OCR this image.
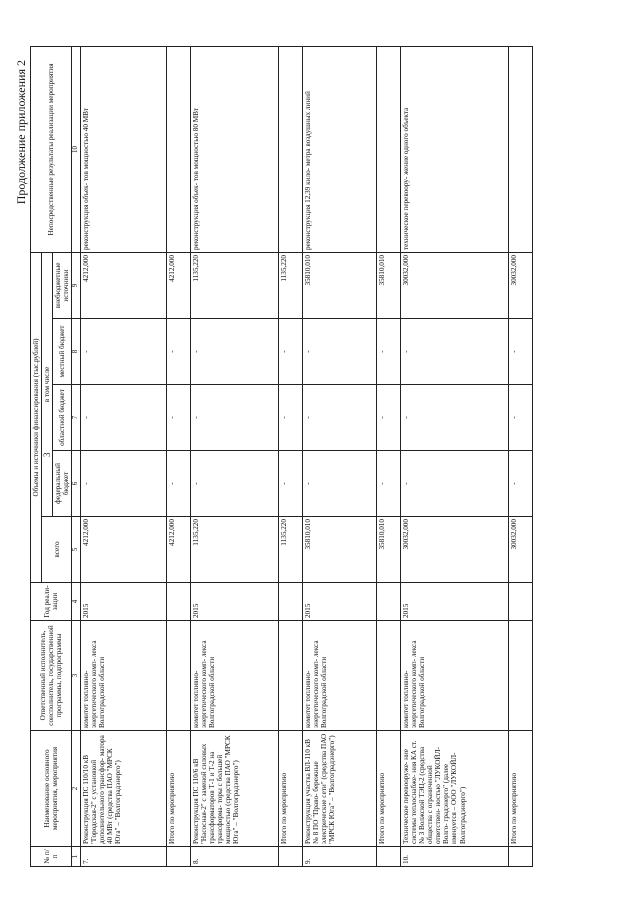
3
Продолжение приложения 2
№ п/п	Наименование основного мероприятия, мероприятия	Ответственный исполнитель, соисполнитель, государственной программы, подпрограммы	Год реали- зации	Объемы и источники финансирования (тыс.рублей)					Непосредственные результаты реализации мероприятия
				всего	в том числе				
					федеральный бюджет	областной бюджет	местный бюджет	внебюджетные источники	
1	2	3	4	5	6	7	8	9	10
7.	Реконструкция ПС 110/10 кВ "Городская-2" с установкой дополнительного трансфор- матора 40 МВт (средства ПАО "МРСК Юга" – "Волгоградэнерго")	комитет топливно- энергетического комп- лекса Волгоградской области	2015	4212,000	-	-	-	4212,000	реконструкция объек- тов мощностью 40 МВт
	Итого по мероприятию			4212,000	-	-	-	4212,000	
8.	Реконструкция ПС 110/6 кВ "Насосная-2" с заменой силовых трансформаторов Т-1 и Т-2 на трансформа- торы с большей мощностью (средства ПАО "МРСК Юга" – "Волгоградэнерго")	комитет топливно- энергетического комп- лекса Волгоградской области	2015	1135,220	-	-	-	1135,220	реконструкция объек- тов мощностью 80 МВт
	Итого по мероприятию			1135,220	-	-	-	1135,220	
9.	Реконструкция участка ВЛ-110 кВ № 8 ПО "Право- бережные электрические сети" (средства ПАО "МРСК Юга" – "Волгоградэнерго")	комитет топливно- энергетического комп- лекса Волгоградской области	2015	35810,010	-	-	-	35810,010	реконструкция 12,39 кило- метра воздушных линий
	Итого по мероприятию			35810,010	-	-	-	35810,010	
10.	Техническое перевооруже- ние системы теплоснабже- ния КА ст. № 3 Волжской ТЭЦ-2 (средства общества с ограниченной ответствен- ностью "ЛУКОЙЛ-Волго- градэнерго" (далее именуется – ООО "ЛУКОЙЛ- Волгоградэнерго")	комитет топливно- энергетического комп- лекса Волгоградской области	2015	30032,000	-	-	-	30032,000	техническое перевоору- жение одного объекта
	Итого по мероприятию			30032,000	-	-	-	30032,000	
